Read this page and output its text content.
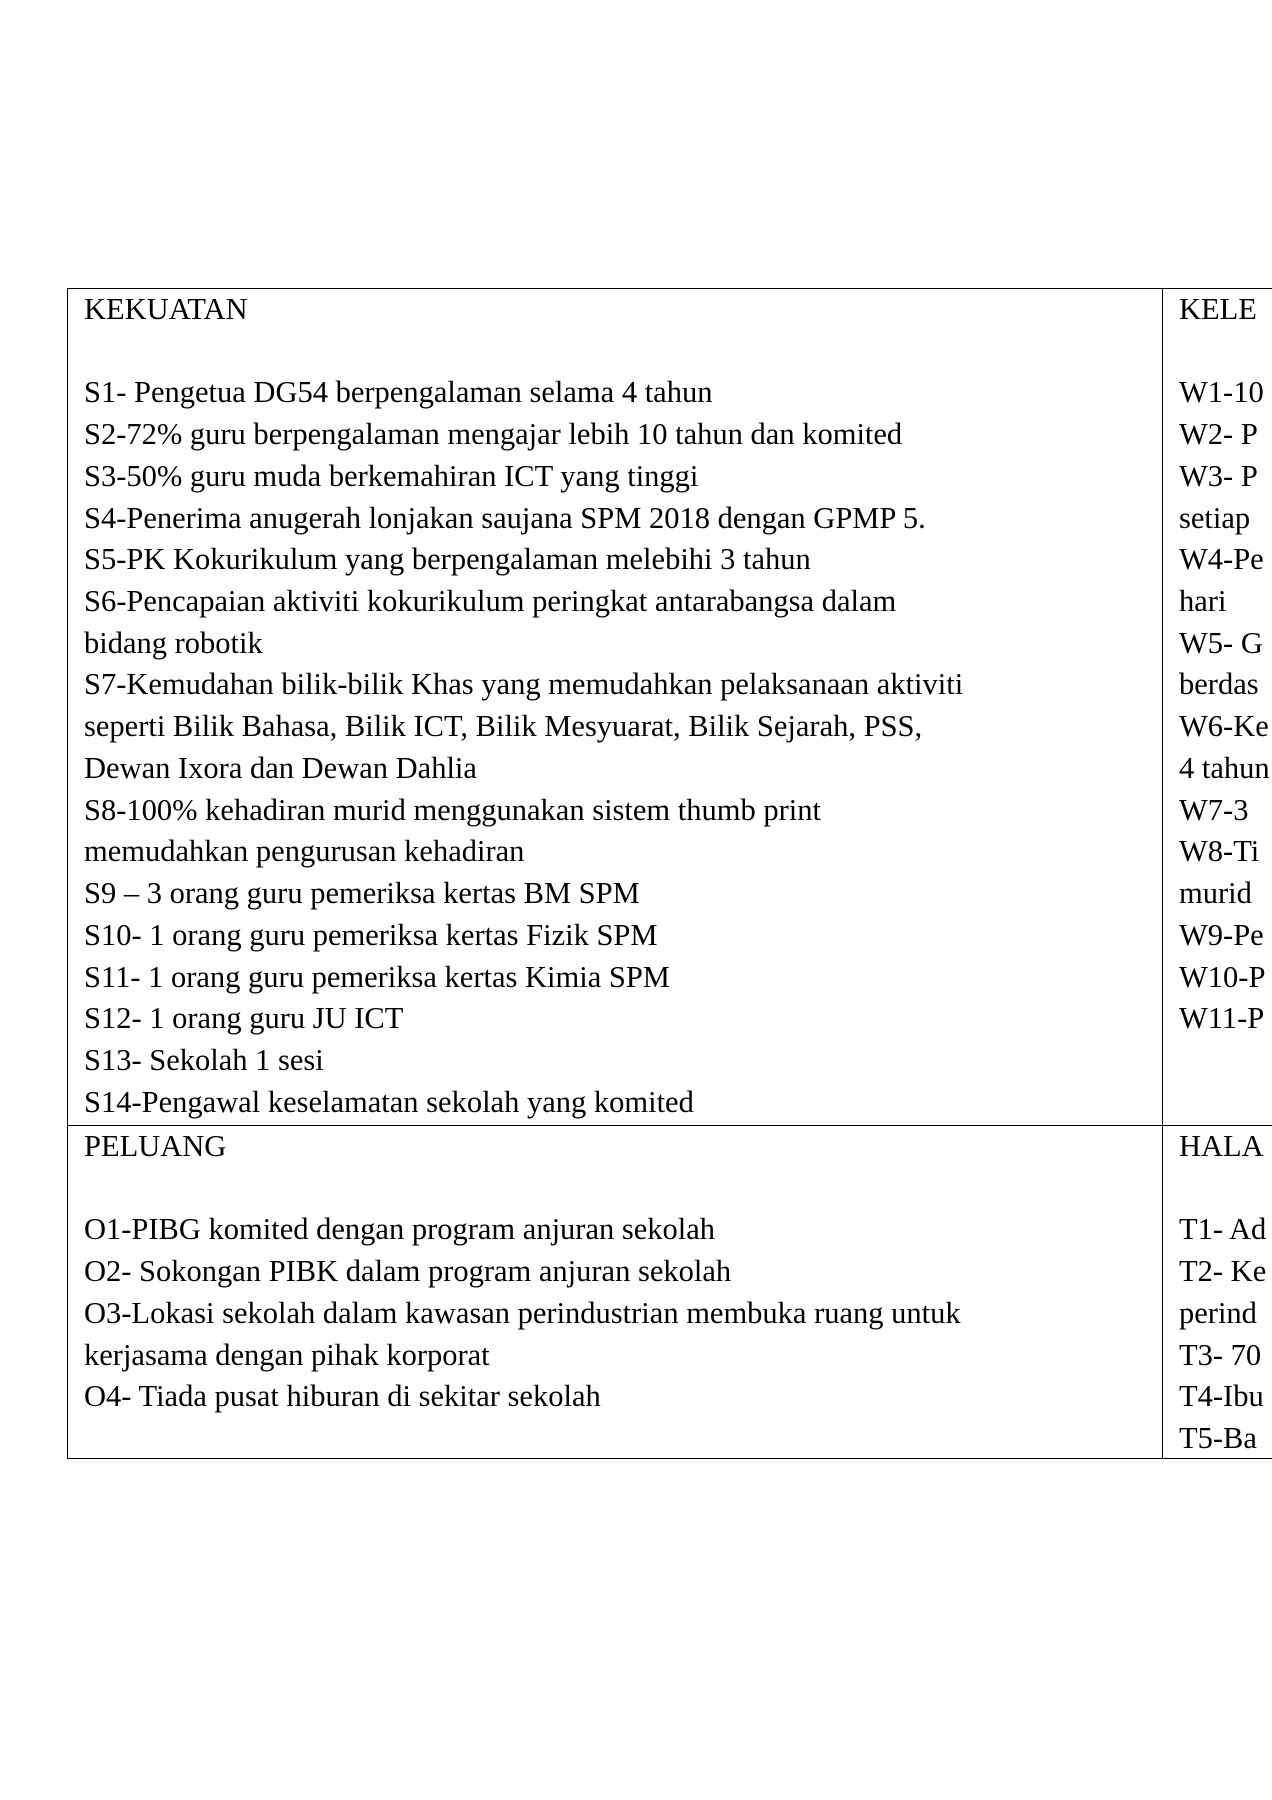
KEKUATAN
S1- Pengetua DG54 berpengalaman selama 4 tahun
S2-72% guru berpengalaman mengajar lebih 10 tahun dan komited
S3-50% guru muda berkemahiran ICT yang tinggi
S4-Penerima anugerah lonjakan saujana SPM 2018 dengan GPMP 5.
S5-PK Kokurikulum yang berpengalaman melebihi 3 tahun
S6-Pencapaian aktiviti kokurikulum peringkat antarabangsa dalam
bidang robotik
S7-Kemudahan bilik-bilik Khas yang memudahkan pelaksanaan aktiviti
seperti Bilik Bahasa, Bilik ICT, Bilik Mesyuarat, Bilik Sejarah, PSS,
Dewan Ixora dan Dewan Dahlia
S8-100% kehadiran murid menggunakan sistem thumb print
memudahkan pengurusan kehadiran
S9 – 3 orang guru pemeriksa kertas BM SPM
S10- 1 orang guru pemeriksa kertas Fizik SPM
S11- 1 orang guru pemeriksa kertas Kimia SPM
S12- 1 orang guru JU ICT
S13- Sekolah 1 sesi
S14-Pengawal keselamatan sekolah yang komited
KELE
W1-10
W2- P
W3- P
setiap
W4-Pe
hari
W5- G
berdas
W6-Ke
4 tahun
W7-3
W8-Ti
murid
W9-Pe
W10-P
W11-P
PELUANG
O1-PIBG komited dengan program anjuran sekolah
O2- Sokongan PIBK dalam program anjuran sekolah
O3-Lokasi sekolah dalam kawasan perindustrian membuka ruang untuk
kerjasama dengan pihak korporat
O4- Tiada pusat hiburan di sekitar sekolah
HALA
T1- Ad
T2- Ke
perind
T3- 70
T4-Ibu
T5-Ba
